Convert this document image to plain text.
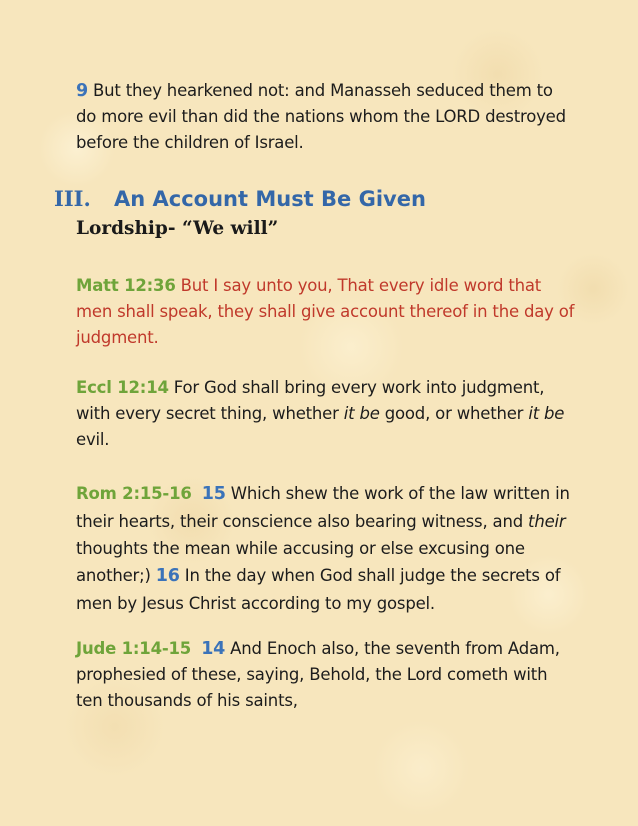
9 But they hearkened not: and Manasseh seduced them to do more evil than did the nations whom the LORD destroyed before the children of Israel.

III. An Account Must Be Given
Lordship- “We will”

Matt 12:36 But I say unto you, That every idle word that men shall speak, they shall give account thereof in the day of judgment.

Eccl 12:14 For God shall bring every work into judgment, with every secret thing, whether it be good, or whether it be evil.

Rom 2:15-16 15 Which shew the work of the law written in their hearts, their conscience also bearing witness, and their thoughts the mean while accusing or else excusing one another;) 16 In the day when God shall judge the secrets of men by Jesus Christ according to my gospel.

Jude 1:14-15 14 And Enoch also, the seventh from Adam, prophesied of these, saying, Behold, the Lord cometh with ten thousands of his saints,
